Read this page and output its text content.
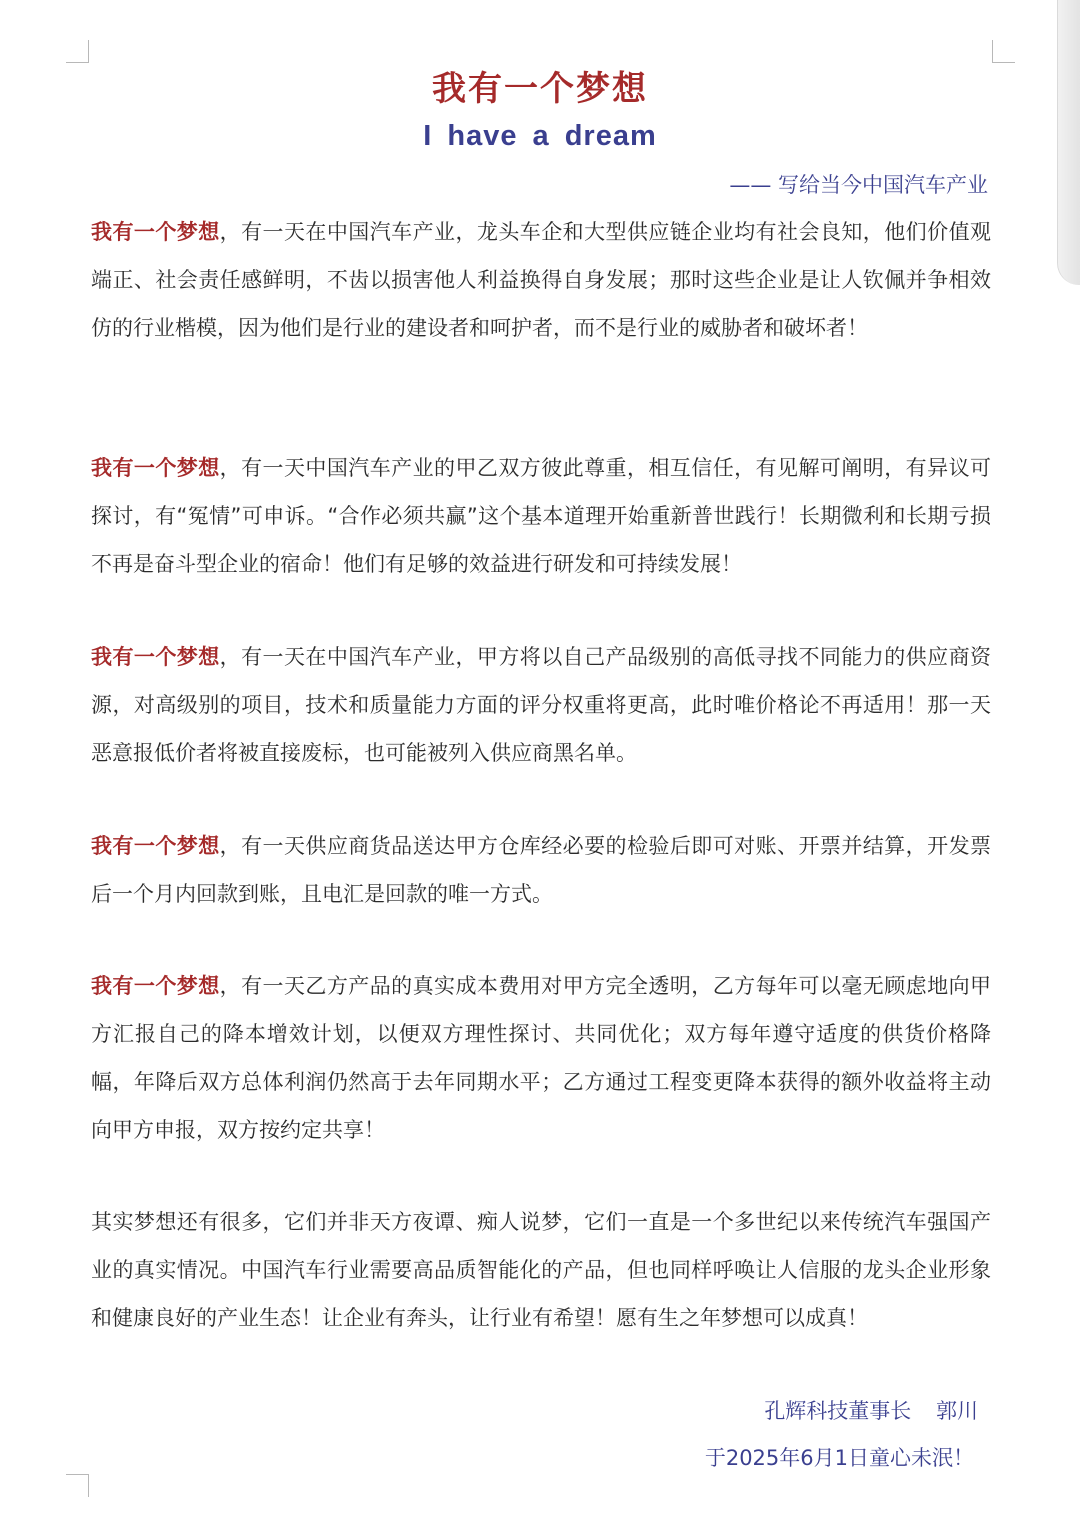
我有一个梦想
I have a dream
—— 写给当今中国汽车产业
我有一个梦想，有一天在中国汽车产业，龙头车企和大型供应链企业均有社会良知，他们价值观端正、社会责任感鲜明，不齿以损害他人利益换得自身发展；那时这些企业是让人钦佩并争相效仿的行业楷模，因为他们是行业的建设者和呵护者，而不是行业的威胁者和破坏者！
我有一个梦想，有一天中国汽车产业的甲乙双方彼此尊重，相互信任，有见解可阐明，有异议可探讨，有“冤情”可申诉。“合作必须共赢”这个基本道理开始重新普世践行！长期微利和长期亏损不再是奋斗型企业的宿命！他们有足够的效益进行研发和可持续发展！
我有一个梦想，有一天在中国汽车产业，甲方将以自己产品级别的高低寻找不同能力的供应商资源，对高级别的项目，技术和质量能力方面的评分权重将更高，此时唯价格论不再适用！那一天恶意报低价者将被直接废标，也可能被列入供应商黑名单。
我有一个梦想，有一天供应商货品送达甲方仓库经必要的检验后即可对账、开票并结算，开发票后一个月内回款到账，且电汇是回款的唯一方式。
我有一个梦想，有一天乙方产品的真实成本费用对甲方完全透明，乙方每年可以毫无顾虑地向甲方汇报自己的降本增效计划，以便双方理性探讨、共同优化；双方每年遵守适度的供货价格降幅，年降后双方总体利润仍然高于去年同期水平；乙方通过工程变更降本获得的额外收益将主动向甲方申报，双方按约定共享！
其实梦想还有很多，它们并非天方夜谭、痴人说梦，它们一直是一个多世纪以来传统汽车强国产业的真实情况。中国汽车行业需要高品质智能化的产品，但也同样呼唤让人信服的龙头企业形象和健康良好的产业生态！让企业有奔头，让行业有希望！愿有生之年梦想可以成真！
孔辉科技董事长 郭川
于2025年6月1日童心未泯！
